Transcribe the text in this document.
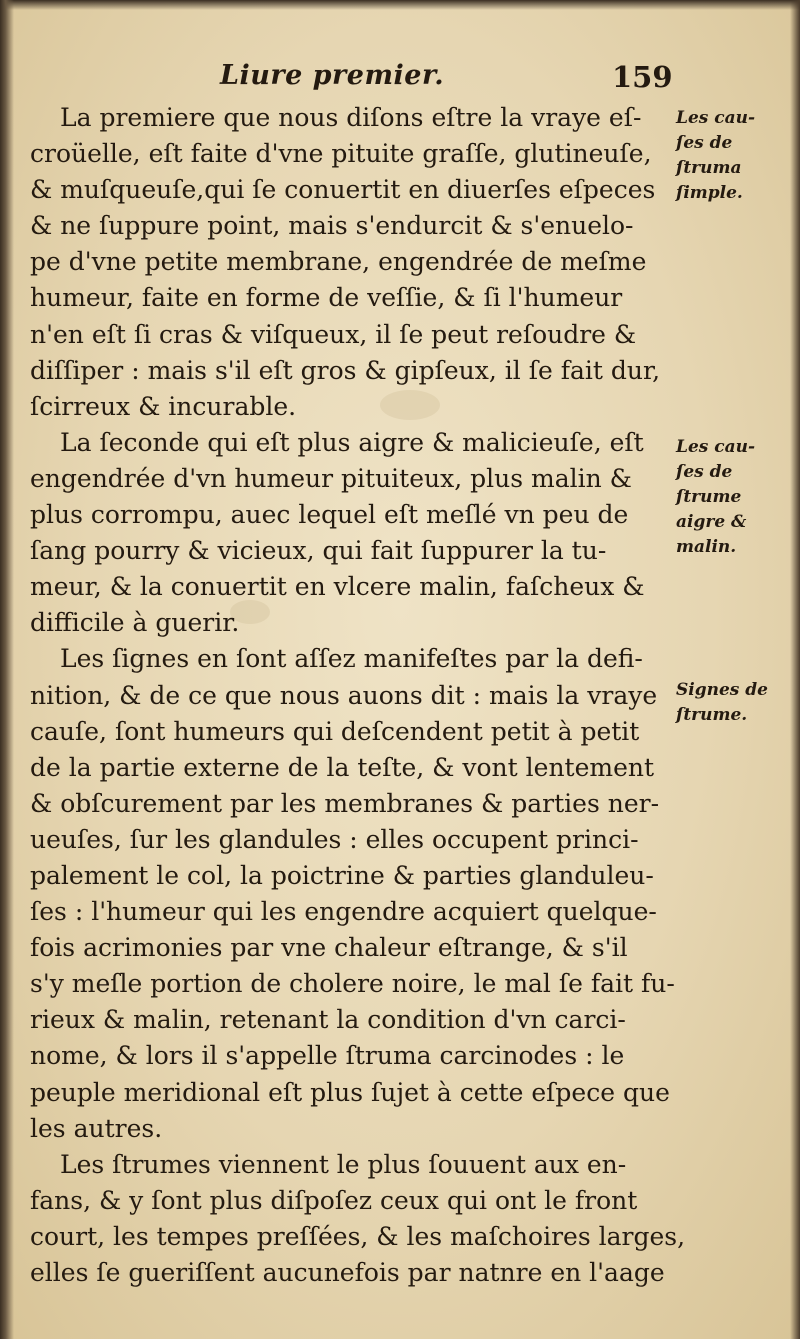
Liure premier.	159
La premiere que nous diſons eſtre la vraye eſ-
croüelle, eſt faite d'vne pituite graſſe, glutineuſe,
& muſqueuſe,qui ſe conuertit en diuerſes eſpeces
& ne ſuppure point, mais s'endurcit & s'enuelo-
pe d'vne petite membrane, engendrée de meſme
humeur, faite en forme de veſſie, & ſi l'humeur
n'en eſt ſi cras & viſqueux, il ſe peut reſoudre &
diſſiper : mais s'il eſt gros & gipſeux, il ſe fait dur,
ſcirreux & incurable.
La ſeconde qui eſt plus aigre & malicieuſe, eſt
engendrée d'vn humeur pituiteux, plus malin &
plus corrompu, auec lequel eſt meſlé vn peu de
ſang pourry & vicieux, qui fait ſuppurer la tu-
meur, & la conuertit en vlcere malin, faſcheux &
difficile à guerir.
Les ſignes en ſont aſſez manifeſtes par la defi-
nition, & de ce que nous auons dit : mais la vraye
cauſe, ſont humeurs qui deſcendent petit à petit
de la partie externe de la teſte, & vont lentement
& obſcurement par les membranes & parties ner-
ueuſes, ſur les glandules : elles occupent princi-
palement le col, la poictrine & parties glanduleu-
ſes : l'humeur qui les engendre acquiert quelque-
fois acrimonies par vne chaleur eſtrange, & s'il
s'y meſle portion de cholere noire, le mal ſe fait fu-
rieux & malin, retenant la condition d'vn carci-
nome, & lors il s'appelle ſtruma carcinodes : le
peuple meridional eſt plus ſujet à cette eſpece que
les autres.
Les ſtrumes viennent le plus ſouuent aux en-
fans, & y ſont plus diſpoſez ceux qui ont le front
court, les tempes preſſées, & les maſchoires larges,
elles ſe gueriſſent aucunefois par natnre en l'aage
Les cau-
ſes de
ſtruma
ſimple.
Les cau-
ſes de
ſtrume
aigre &
malin.
Signes de
ſtrume.
